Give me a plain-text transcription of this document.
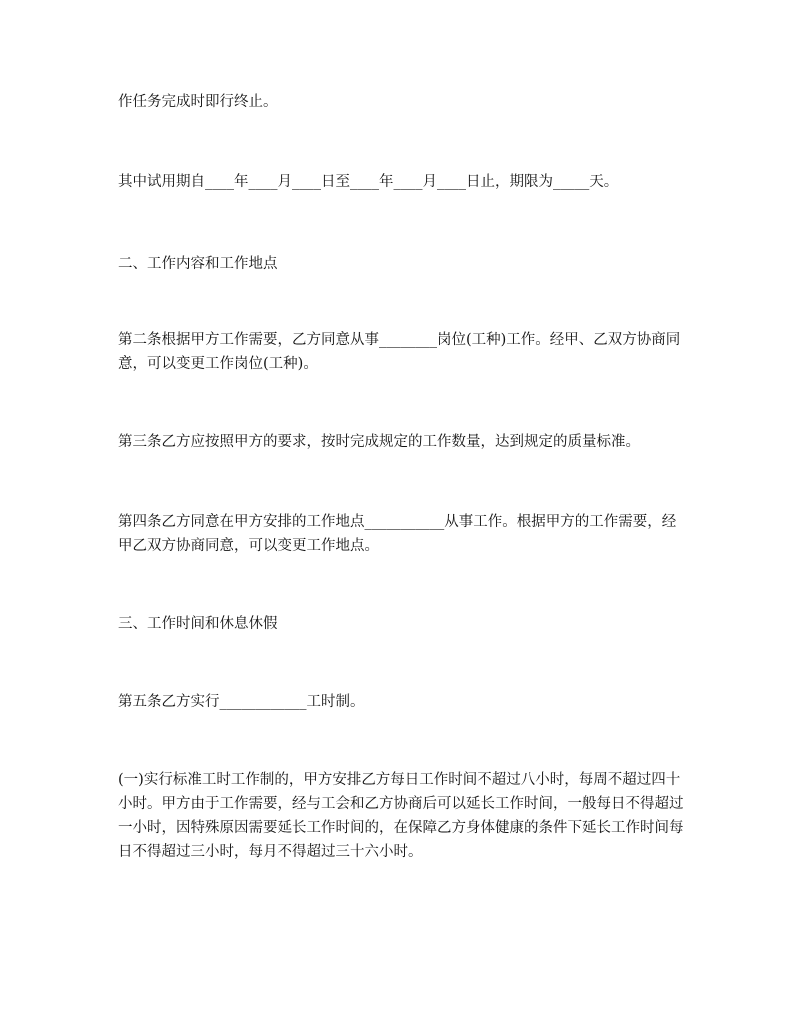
作任务完成时即行终止。

其中试用期自____年____月____日至____年____月____日止，期限为_____天。

二、工作内容和工作地点

第二条根据甲方工作需要，乙方同意从事________岗位(工种)工作。经甲、乙双方协商同意，可以变更工作岗位(工种)。

第三条乙方应按照甲方的要求，按时完成规定的工作数量，达到规定的质量标准。

第四条乙方同意在甲方安排的工作地点___________从事工作。根据甲方的工作需要，经甲乙双方协商同意，可以变更工作地点。

三、工作时间和休息休假

第五条乙方实行____________工时制。

(一)实行标准工时工作制的，甲方安排乙方每日工作时间不超过八小时，每周不超过四十小时。甲方由于工作需要，经与工会和乙方协商后可以延长工作时间，一般每日不得超过一小时，因特殊原因需要延长工作时间的，在保障乙方身体健康的条件下延长工作时间每日不得超过三小时，每月不得超过三十六小时。
